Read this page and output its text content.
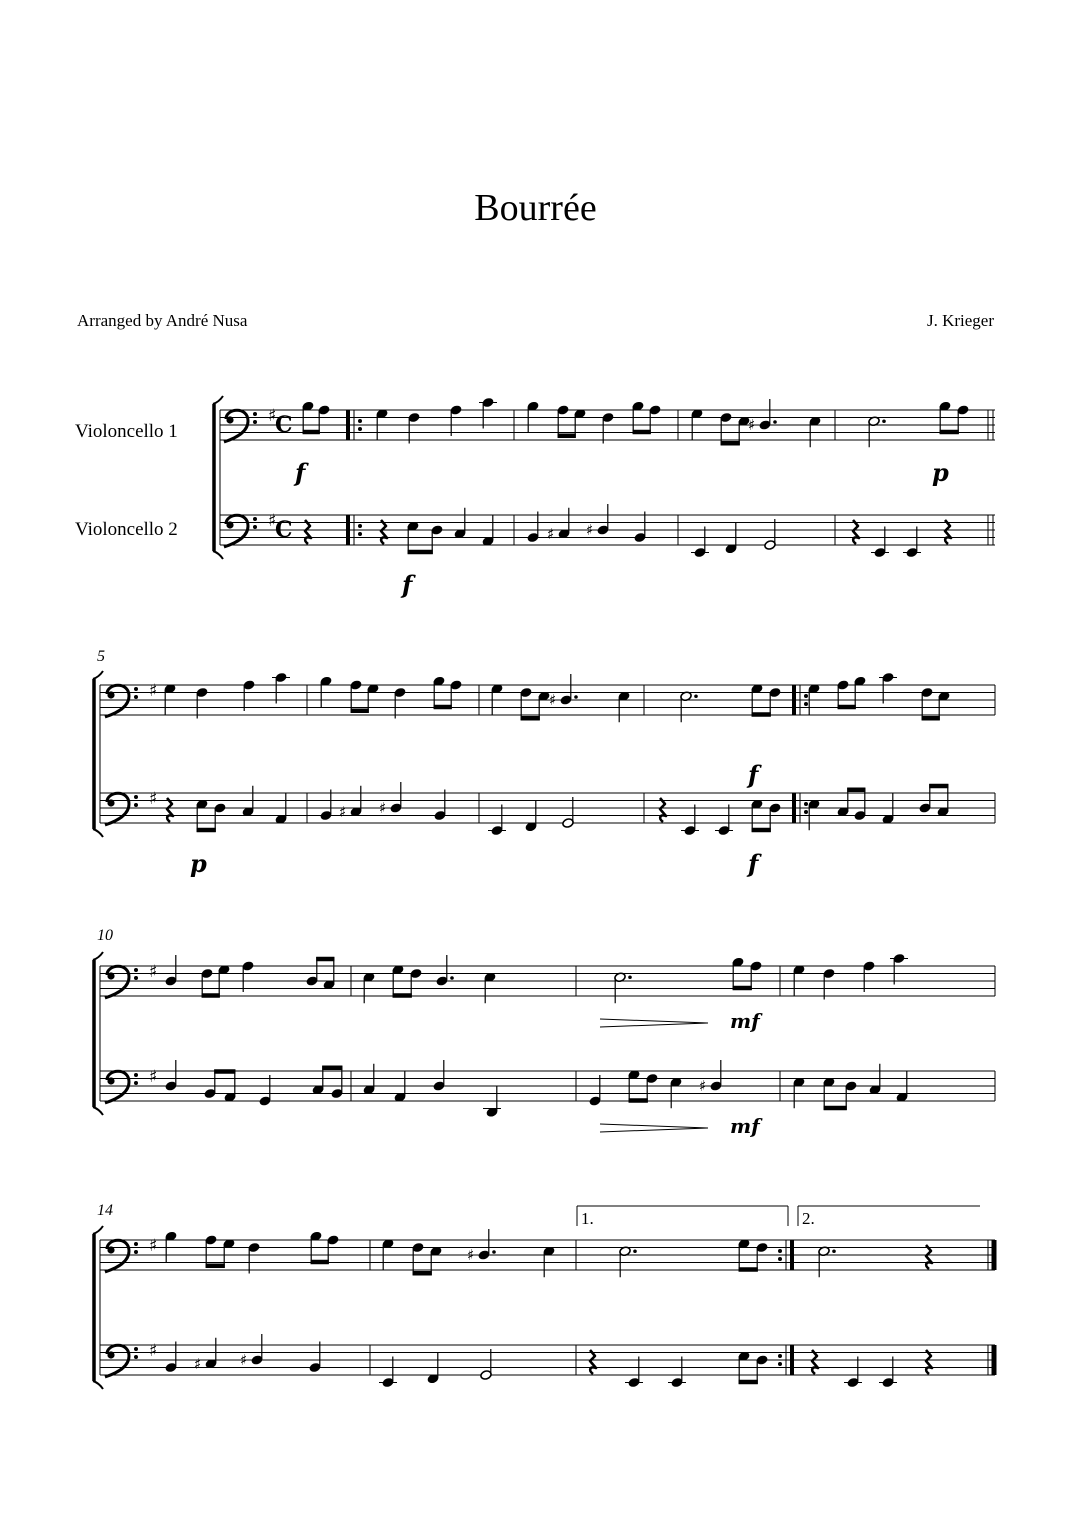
Bourrée
Arranged by André Nusa	J. Krieger
Violoncello 1
Violoncello 2
5
10
14
f	p
f
p
f
f
mf
mf
1.	2.
♯
♯
C
C
♯
♯ ♯
♯
♯
♯
♯ ♯
♯
♯	♯
♯
♯
♯
♯	♯
